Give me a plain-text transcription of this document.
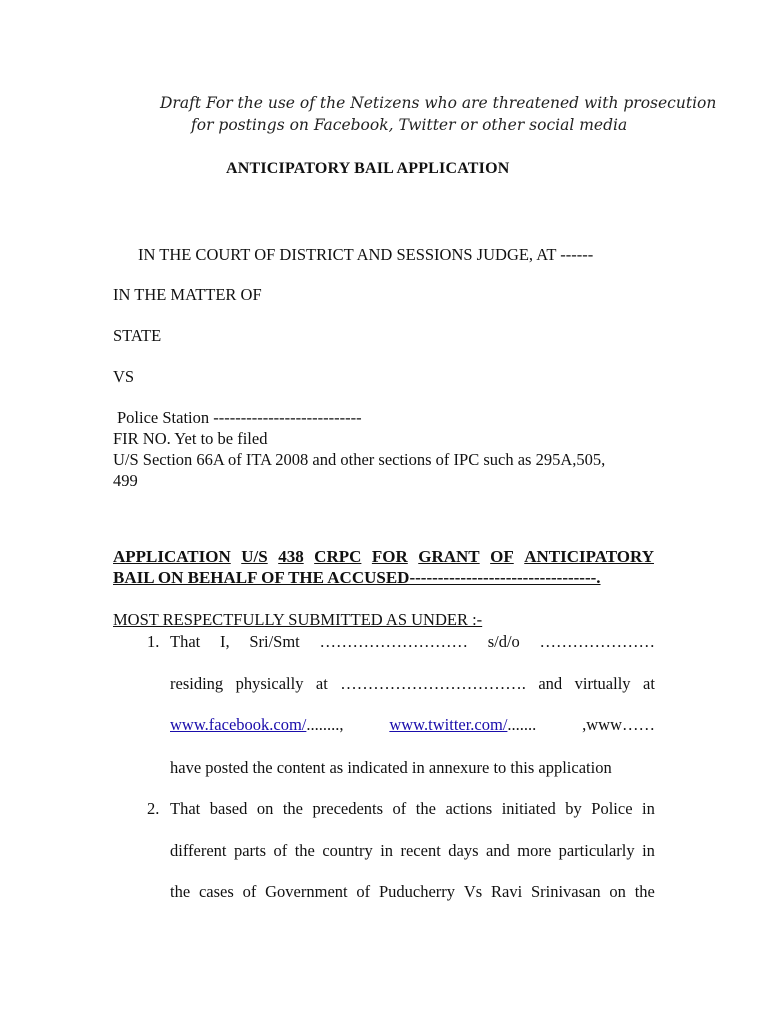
Draft For the use of the Netizens who are threatened with prosecution
for postings on Facebook, Twitter or other social media
ANTICIPATORY BAIL APPLICATION
IN THE COURT OF DISTRICT AND SESSIONS JUDGE, AT ------
IN THE MATTER OF
STATE
VS
Police Station ---------------------------
FIR NO. Yet to be filed
U/S Section 66A of ITA 2008 and other sections of IPC such as 295A,505,
499
APPLICATION U/S 438 CRPC FOR GRANT OF ANTICIPATORY
BAIL ON BEHALF OF THE ACCUSED---------------------------------.
MOST RESPECTFULLY SUBMITTED AS UNDER :-
1. That I, Sri/Smt ……………………… s/d/o …………………
residing physically at ……………………………. and virtually at
www.facebook.com/........,	www.twitter.com/.......	,www……
have posted the content as indicated in annexure to this application
2. That based on the precedents of the actions initiated by Police in
different parts of the country in recent days and more particularly in
the cases of Government of Puducherry Vs Ravi Srinivasan on the
